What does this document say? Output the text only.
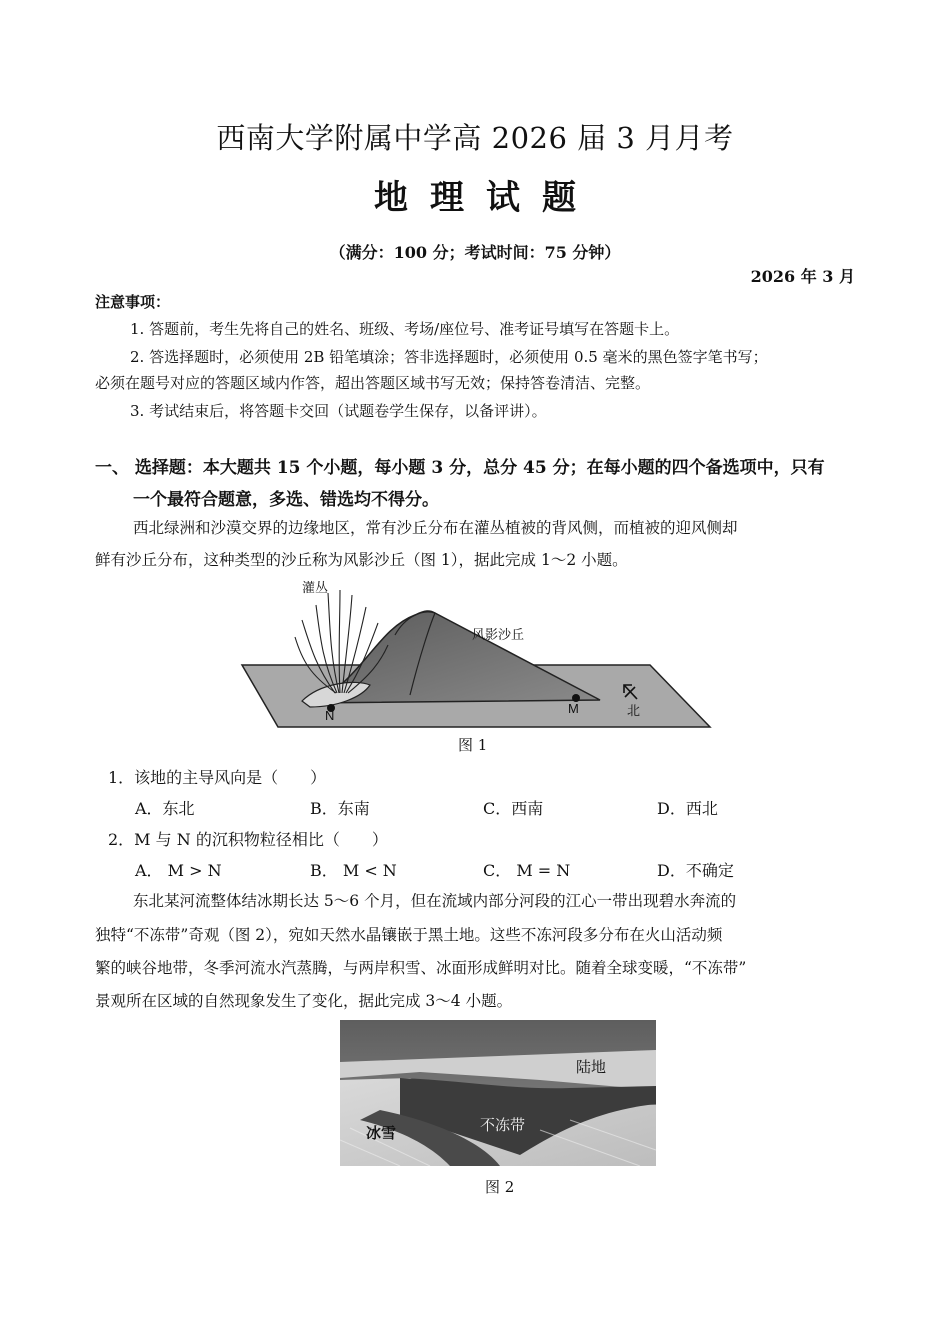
西南大学附属中学高 2026 届 3 月月考
地理试题
（满分：100 分；考试时间：75 分钟）
2026 年 3 月
注意事项：
1. 答题前，考生先将自己的姓名、班级、考场/座位号、准考证号填写在答题卡上。
2. 答选择题时，必须使用 2B 铅笔填涂；答非选择题时，必须使用 0.5 毫米的黑色签字笔书写；
必须在题号对应的答题区域内作答，超出答题区域书写无效；保持答卷清洁、完整。
3. 考试结束后，将答题卡交回（试题卷学生保存，以备评讲）。
一、 选择题：本大题共 15 个小题，每小题 3 分，总分 45 分；在每小题的四个备选项中，只有
一个最符合题意，多选、错选均不得分。
西北绿洲和沙漠交界的边缘地区，常有沙丘分布在灌丛植被的背风侧，而植被的迎风侧却
鲜有沙丘分布，这种类型的沙丘称为风影沙丘（图 1），据此完成 1～2 小题。
灌丛
风影沙丘
N	M	北
图 1
1．该地的主导风向是（　　）
A．东北	B．东南	C．西南	D．西北
2．M 与 N 的沉积物粒径相比（　　）
A． M > N	B． M < N	C． M = N	D．不确定
东北某河流整体结冰期长达 5～6 个月，但在流域内部分河段的江心一带出现碧水奔流的
独特“不冻带”奇观（图 2），宛如天然水晶镶嵌于黑土地。这些不冻河段多分布在火山活动频
繁的峡谷地带，冬季河流水汽蒸腾，与两岸积雪、冰面形成鲜明对比。随着全球变暖，“不冻带”
景观所在区域的自然现象发生了变化，据此完成 3～4 小题。
陆地
不冻带
冰雪
图 2
